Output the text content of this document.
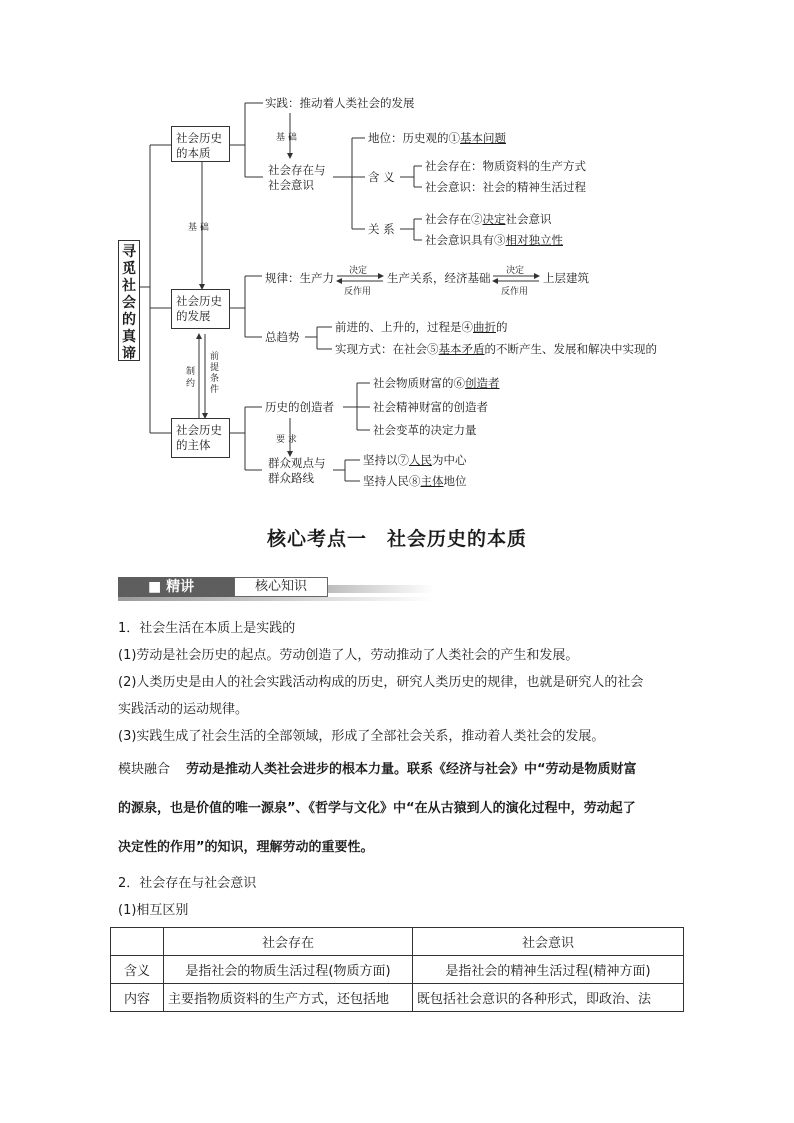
寻
觅
社
会
的
真
谛
社会历史
的本质
实践：推动着人类社会的发展
基 础
社会存在与
社会意识
地位：历史观的①基本问题
含 义
社会存在：物质资料的生产方式
社会意识：社会的精神生活过程
关 系
社会存在②决定社会意识
社会意识具有③相对独立性
基 础
社会历史
的发展
规律：生产力 决定
反作用
生产关系，经济基础 决定
反作用
上层建筑
总趋势
前进的、上升的，过程是④曲折的
实现方式：在社会⑤基本矛盾的不断产生、发展和解决中实现的
制
约
前
提
条
件
社会历史
的主体
历史的创造者
社会物质财富的⑥创造者
社会精神财富的创造者
社会变革的决定力量
要 求
群众观点与
群众路线
坚持以⑦人民为中心
坚持人民⑧主体地位
核心考点一　社会历史的本质
■ 精讲	核心知识
1．社会生活在本质上是实践的
(1)劳动是社会历史的起点。劳动创造了人，劳动推动了人类社会的产生和发展。
(2)人类历史是由人的社会实践活动构成的历史，研究人类历史的规律，也就是研究人的社会
实践活动的运动规律。
(3)实践生成了社会生活的全部领域，形成了全部社会关系，推动着人类社会的发展。
模块融合 劳动是推动人类社会进步的根本力量。联系《经济与社会》中“劳动是物质财富
的源泉，也是价值的唯一源泉”、《哲学与文化》中“在从古猿到人的演化过程中，劳动起了
决定性的作用”的知识，理解劳动的重要性。
2．社会存在与社会意识
(1)相互区别
	社会存在	社会意识
含义	是指社会的物质生活过程(物质方面)	是指社会的精神生活过程(精神方面)
内容	主要指物质资料的生产方式，还包括地	既包括社会意识的各种形式，即政治、法
